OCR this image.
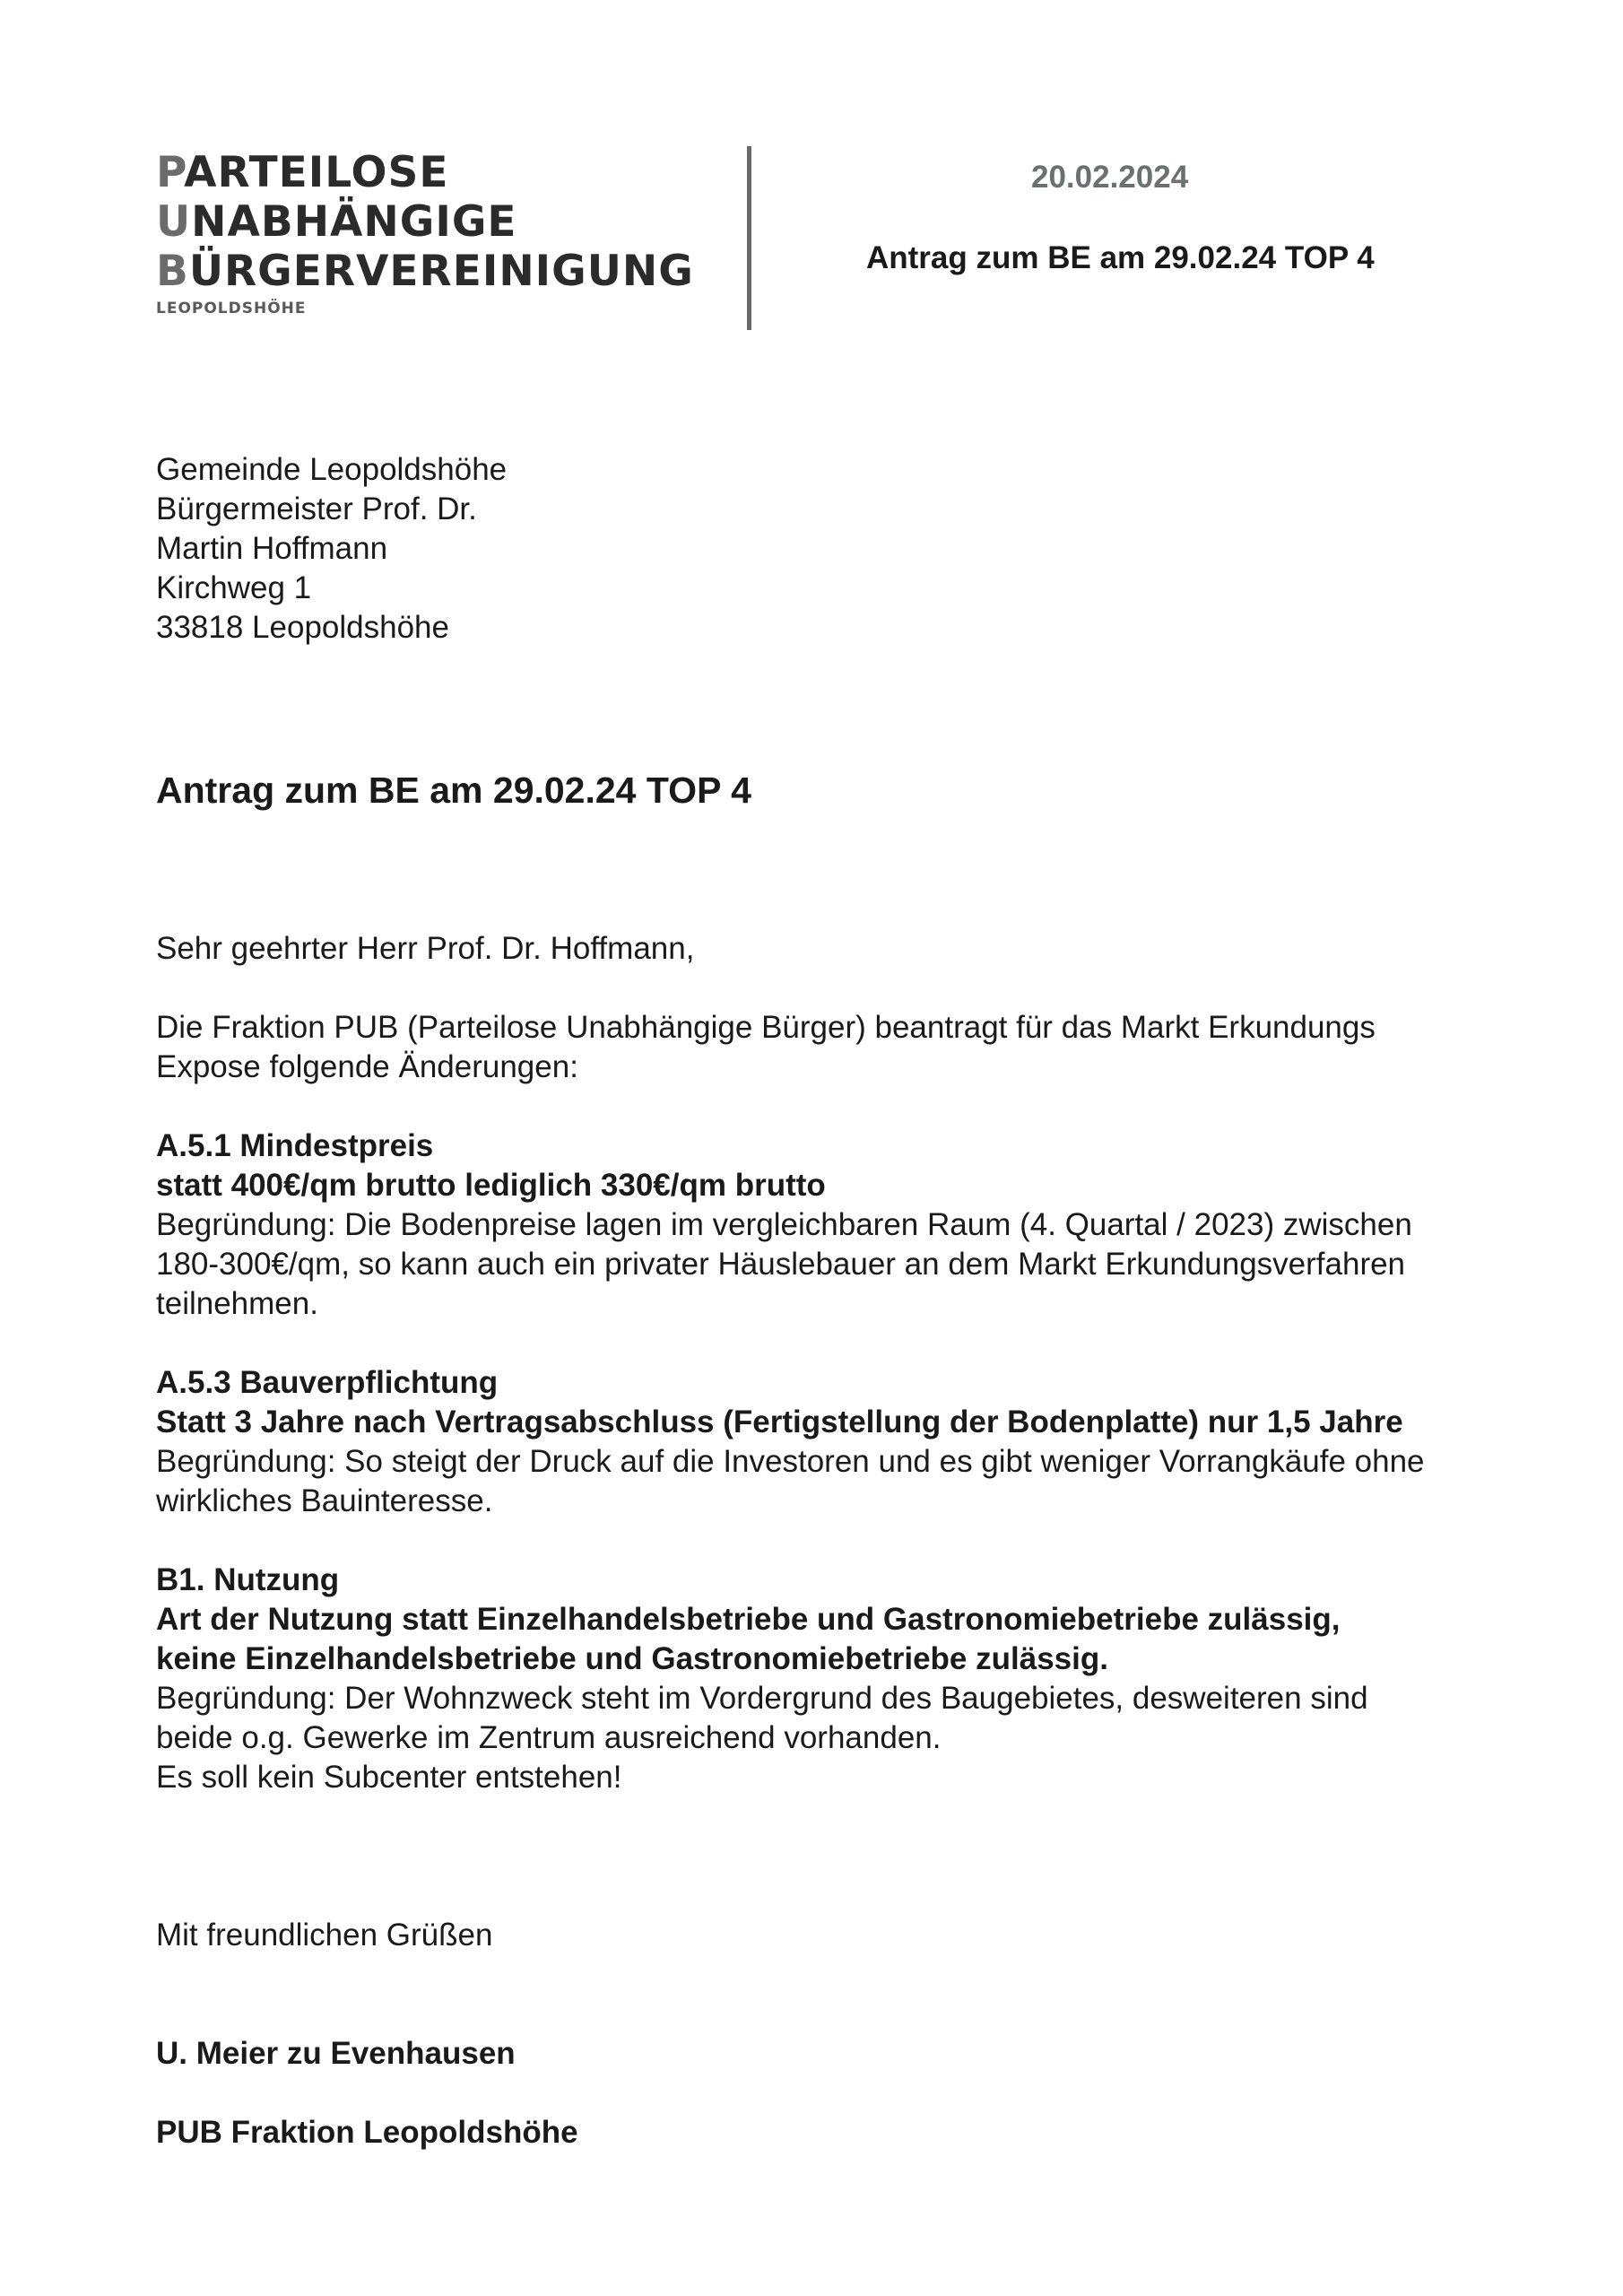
PARTEILOSE
UNABHÄNGIGE
BÜRGERVEREINIGUNG
LEOPOLDSHÖHE
20.02.2024
Antrag zum BE am 29.02.24 TOP 4
Gemeinde Leopoldshöhe
Bürgermeister Prof. Dr.
Martin Hoffmann
Kirchweg 1
33818 Leopoldshöhe
Antrag zum BE am 29.02.24 TOP 4

Sehr geehrter Herr Prof. Dr. Hoffmann,

Die Fraktion PUB (Parteilose Unabhängige Bürger) beantragt für das Markt Erkundungs

Expose folgende Änderungen:

A.5.1 Mindestpreis

statt 400€/qm brutto lediglich 330€/qm brutto

Begründung: Die Bodenpreise lagen im vergleichbaren Raum (4. Quartal / 2023) zwischen

180-300€/qm, so kann auch ein privater Häuslebauer an dem Markt Erkundungsverfahren

teilnehmen.

A.5.3 Bauverpflichtung

Statt 3 Jahre nach Vertragsabschluss (Fertigstellung der Bodenplatte) nur 1,5 Jahre

Begründung: So steigt der Druck auf die Investoren und es gibt weniger Vorrangkäufe ohne

wirkliches Bauinteresse.

B1. Nutzung

Art der Nutzung statt Einzelhandelsbetriebe und Gastronomiebetriebe zulässig,

keine Einzelhandelsbetriebe und Gastronomiebetriebe zulässig.

Begründung: Der Wohnzweck steht im Vordergrund des Baugebietes, desweiteren sind

beide o.g. Gewerke im Zentrum ausreichend vorhanden.

Es soll kein Subcenter entstehen!

Mit freundlichen Grüßen
U. Meier zu Evenhausen
PUB Fraktion Leopoldshöhe
